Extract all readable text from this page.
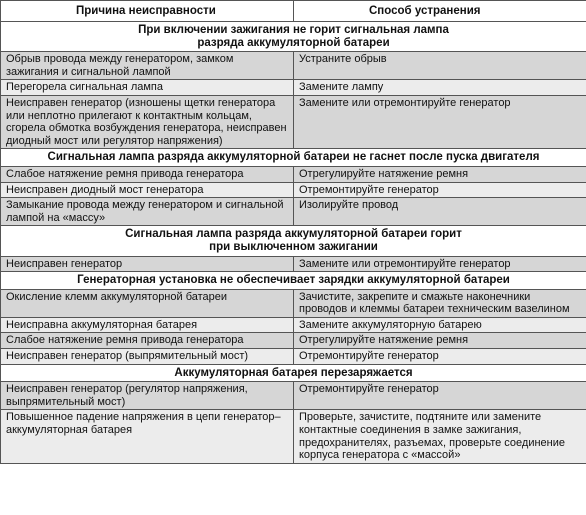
Причина неисправности	Способ устранения

При включении зажигания не горит сигнальная лампа
разряда аккумуляторной батареи	

Обрыв провода между генератором, замком зажигания и сигнальной лампой	Устраните обрыв
Перегорела сигнальная лампа	Замените лампу
Неисправен генератор (изношены щетки генератора или неплотно прилегают к контактным кольцам, сгорела обмотка возбуждения генератора, неисправен диодный мост или регулятор напряжения)	Замените или отремонтируйте генератор

Сигнальная лампа разряда аккумуляторной батареи не гаснет после пуска двигателя	

Слабое натяжение ремня привода генератора	Отрегулируйте натяжение ремня
Неисправен диодный мост генератора	Отремонтируйте генератор
Замыкание провода между генератором и сигнальной лампой на «массу»	Изолируйте провод

Сигнальная лампа разряда аккумуляторной батареи горит
при выключенном зажигании	

Неисправен генератор	Замените или отремонтируйте генератор

Генераторная установка не обеспечивает зарядки аккумуляторной батареи	

Окисление клемм аккумуляторной батареи	Зачистите, закрепите и смажьте наконечники проводов и клеммы батареи техническим вазелином
Неисправна аккумуляторная батарея	Замените аккумуляторную батарею
Слабое натяжение ремня привода генератора	Отрегулируйте натяжение ремня
Неисправен генератор (выпрямительный мост)	Отремонтируйте генератор

Аккумуляторная батарея перезаряжается	

Неисправен генератор (регулятор напряжения, выпрямительный мост)	Отремонтируйте генератор
Повышенное падение напряжения в цепи генератор–аккумуляторная батарея	Проверьте, зачистите, подтяните или замените контактные соединения в замке зажигания, предохранителях, разъемах, проверьте соединение корпуса генератора с «массой»
